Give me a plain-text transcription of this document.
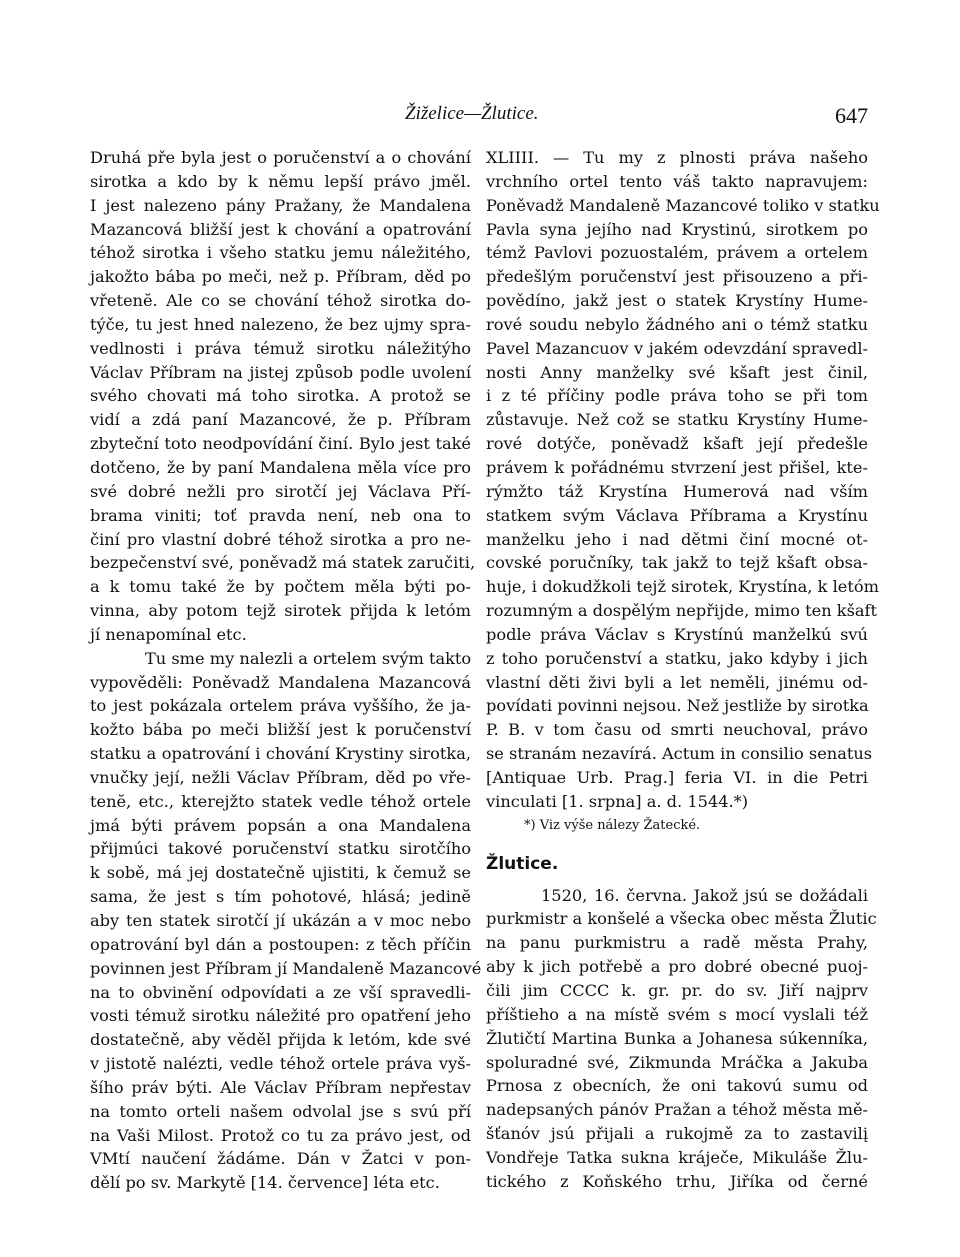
Žiželice—Žlutice.	647
Druhá pře byla jest o poručenství a o chování
sirotka a kdo by k němu lepší právo jměl.
I jest nalezeno pány Pražany, že Mandalena
Mazancová bližší jest k chování a opatrování
téhož sirotka i všeho statku jemu náležitého,
jakožto bába po meči, než p. Příbram, děd po
vřetenĕ. Ale co se chování téhož sirotka do-
týče, tu jest hned nalezeno, že bez ujmy spra-
vedlnosti i práva témuž sirotku náležitýho
Václav Příbram na jistej způsob podle uvolení
svého chovati má toho sirotka. A protož se
vidí a zdá paní Mazancové, že p. Příbram
zbyteční toto neodpovídání činí. Bylo jest také
dotčeno, že by paní Mandalena měla více pro
své dobré nežli pro sirotčí jej Václava Pří-
brama viniti; toť pravda není, neb ona to
činí pro vlastní dobré téhož sirotka a pro ne-
bezpečenství své, poněvadž má statek zaručiti,
a k tomu také že by počtem měla býti po-
vinna, aby potom tejž sirotek přijda k letóm
jí nenapomínal etc.
Tu sme my nalezli a ortelem svým takto
vypověděli: Poněvadž Mandalena Mazancová
to jest pokázala ortelem práva vyššího, že ja-
kožto bába po meči bližší jest k poručenství
statku a opatrování i chování Krystiny sirotka,
vnučky její, nežli Václav Příbram, děd po vře-
tenĕ, etc., kterejžto statek vedle téhož ortele
jmá býti právem popsán a ona Mandalena
přijmúci takové poručenství statku sirotčího
k sobě, má jej dostatečně ujistiti, k čemuž se
sama, že jest s tím pohotové, hlásá; jedinĕ
aby ten statek sirotčí jí ukázán a v moc nebo
opatrování byl dán a postoupen: z těch příčin
povinnen jest Příbram jí Mandaleně Mazancové
na to obvinění odpovídati a ze vší spravedli-
vosti témuž sirotku náležité pro opatření jeho
dostatečně, aby věděl přijda k letóm, kde své
v jistotě nalézti, vedle téhož ortele práva vyš-
šího práv býti. Ale Václav Příbram nepřestav
na tomto orteli našem odvolal jse s svú pří
na Vaši Milost. Protož co tu za právo jest, od
VMtí naučení žádáme. Dán v Žatci v pon-
dělí po sv. Markytě [14. července] léta etc.
XLIIII. — Tu my z plnosti práva našeho
vrchního ortel tento váš takto napravujem:
Poněvadž Mandaleně Mazancové toliko v statku
Pavla syna jejího nad Krystinú, sirotkem po
témž Pavlovi pozuostalém, právem a ortelem
předešlým poručenství jest přisouzeno a při-
povědíno, jakž jest o statek Krystíny Hume-
rové soudu nebylo žádného ani o témž statku
Pavel Mazancuov v jakém odevzdání spravedl-
nosti Anny manželky své kšaft jest činil,
i z té příčiny podle práva toho se při tom
zůstavuje. Než což se statku Krystíny Hume-
rové dotýče, poněvadž kšaft její předešle
právem k pořádnému stvrzení jest přišel, kte-
rýmžto táž Krystína Humerová nad vším
statkem svým Václava Příbrama a Krystínu
manželku jeho i nad dětmi činí mocné ot-
covské poručníky, tak jakž to tejž kšaft obsa-
huje, i dokudžkoli tejž sirotek, Krystína, k letóm
rozumným a dospělým nepřijde, mimo ten kšaft
podle práva Václav s Krystínú manželkú svú
z toho poručenství a statku, jako kdyby i jich
vlastní děti živi byli a let neměli, jinému od-
povídati povinni nejsou. Než jestliže by sirotka
P. B. v tom času od smrti neuchoval, právo
se stranám nezavírá. Actum in consilio senatus
[Antiquae Urb. Prag.] feria VI. in die Petri
vinculati [1. srpna] a. d. 1544.*)
*) Viz výše nálezy Žatecké.
Žlutice.
1520, 16. června. Jakož jsú se dožádali
purkmistr a konšelé a všecka obec města Žlutic
na panu purkmistru a radě města Prahy,
aby k jich potřebě a pro dobré obecné puoj-
čili jim CCCC k. gr. pr. do sv. Jiří najprv
příštieho a na místě svém s mocí vyslali též
Žlutičtí Martina Bunka a Johanesa súkenníka,
spoluradné své, Zikmunda Mráčka a Jakuba
Prnosa z obecních, že oni takovú sumu od
nadepsaných pánóv Pražan a téhož města mě-
šťanóv jsú přijali a rukojmě za to zastavilį
Vondřeje Tatka sukna kráječe, Mikuláše Žlu-
tického z Koňského trhu, Jiříka od černé
